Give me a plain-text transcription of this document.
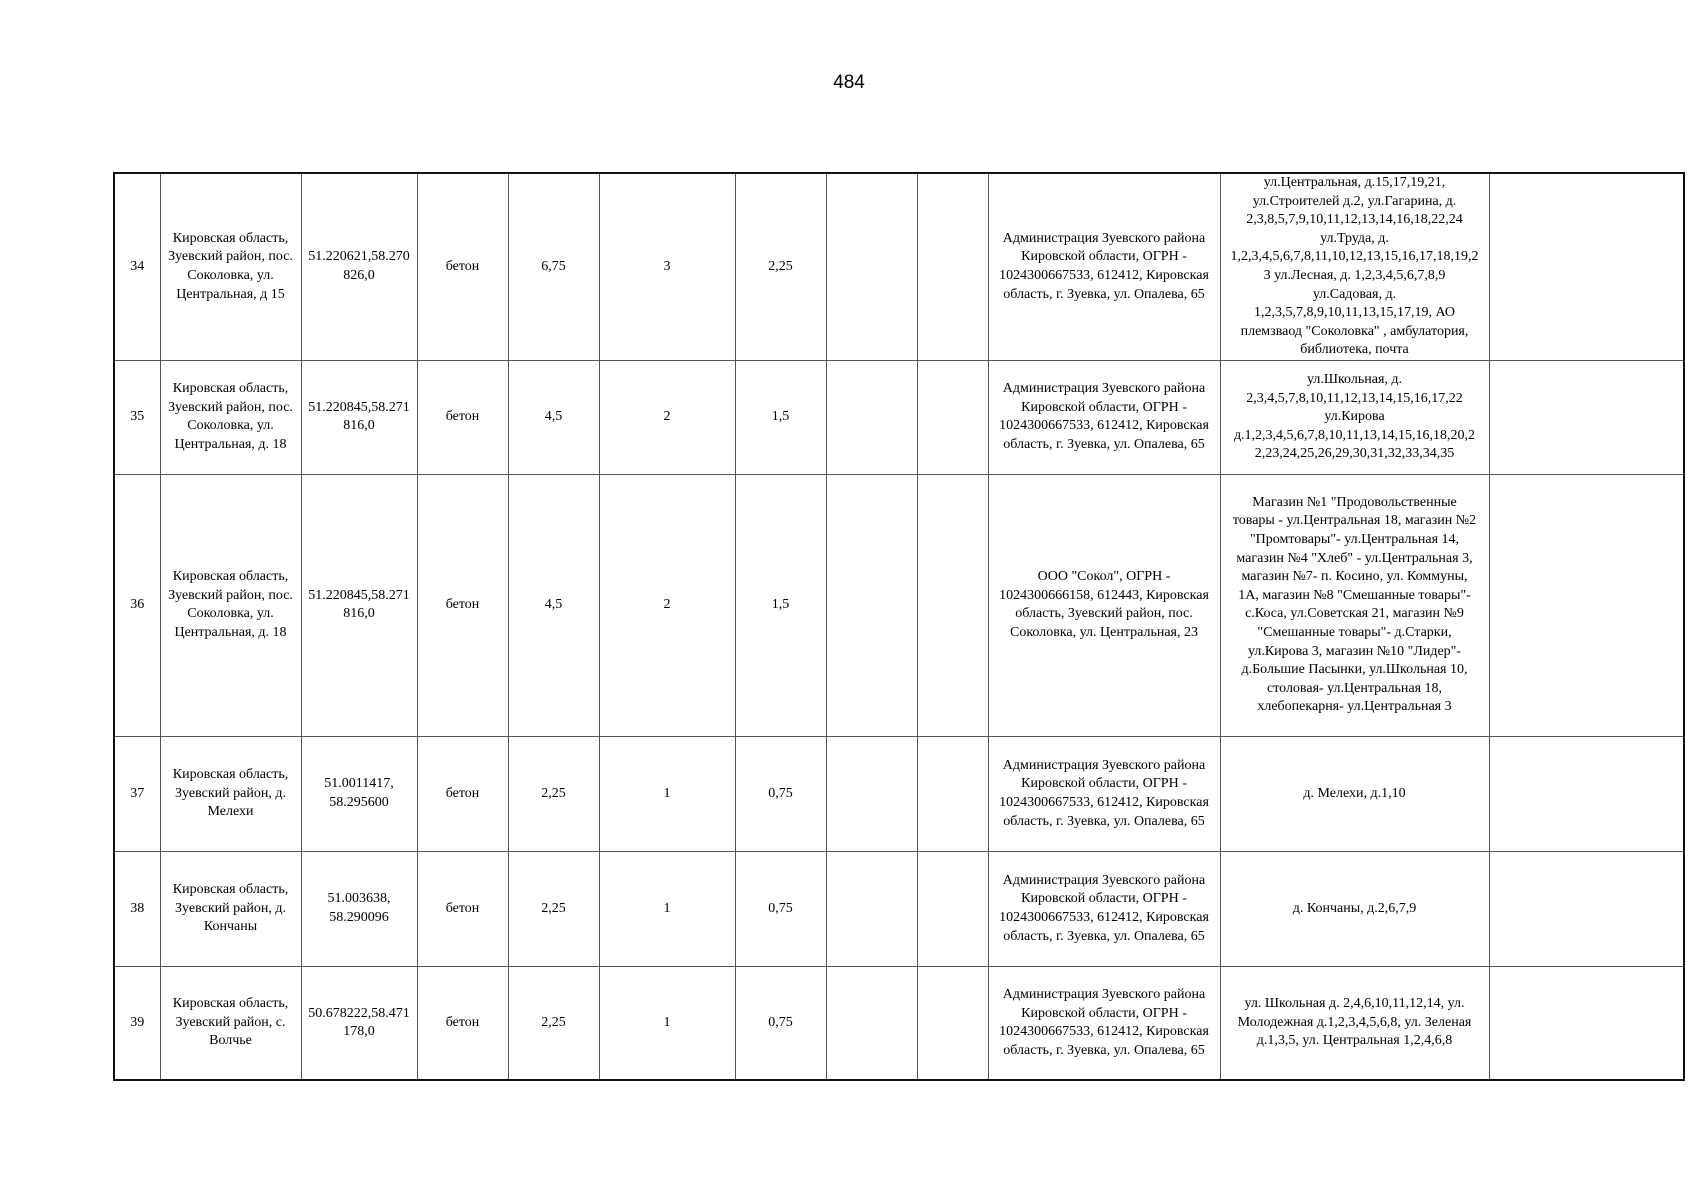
484
34	Кировская область, Зуевский район, пос. Соколовка, ул. Центральная, д 15	51.220621,58.270826,0	бетон	6,75	3	2,25			Администрация Зуевского района Кировской области, ОГРН - 1024300667533, 612412, Кировская область, г. Зуевка, ул. Опалева, 65	ул.Центральная, д.15,17,19,21, ул.Строителей д.2, ул.Гагарина, д. 2,3,8,5,7,9,10,11,12,13,14,16,18,22,24 ул.Труда, д. 1,2,3,4,5,6,7,8,11,10,12,13,15,16,17,18,19,23 ул.Лесная, д. 1,2,3,4,5,6,7,8,9 ул.Садовая, д. 1,2,3,5,7,8,9,10,11,13,15,17,19, АО племзваод "Соколовка" , амбулатория, библиотека, почта	
35	Кировская область, Зуевский район, пос. Соколовка, ул. Центральная, д. 18	51.220845,58.271816,0	бетон	4,5	2	1,5			Администрация Зуевского района Кировской области, ОГРН - 1024300667533, 612412, Кировская область, г. Зуевка, ул. Опалева, 65	ул.Школьная, д. 2,3,4,5,7,8,10,11,12,13,14,15,16,17,22 ул.Кирова д.1,2,3,4,5,6,7,8,10,11,13,14,15,16,18,20,22,23,24,25,26,29,30,31,32,33,34,35	
36	Кировская область, Зуевский район, пос. Соколовка, ул. Центральная, д. 18	51.220845,58.271816,0	бетон	4,5	2	1,5			ООО "Сокол", ОГРН - 1024300666158, 612443, Кировская область, Зуевский район, пос. Соколовка, ул. Центральная, 23	Магазин №1 "Продовольственные товары - ул.Центральная 18, магазин №2 "Промтовары"- ул.Центральная 14, магазин №4 "Хлеб" - ул.Центральная 3, магазин №7- п. Косино, ул. Коммуны, 1А, магазин №8 "Смешанные товары"- с.Коса, ул.Советская 21, магазин №9 "Смешанные товары"- д.Старки, ул.Кирова 3, магазин №10 "Лидер"- д.Большие Пасынки, ул.Школьная 10, столовая- ул.Центральная 18, хлебопекарня- ул.Центральная 3	
37	Кировская область, Зуевский район, д. Мелехи	51.0011417, 58.295600	бетон	2,25	1	0,75			Администрация Зуевского района Кировской области, ОГРН - 1024300667533, 612412, Кировская область, г. Зуевка, ул. Опалева, 65	д. Мелехи, д.1,10	
38	Кировская область, Зуевский район, д. Кончаны	51.003638, 58.290096	бетон	2,25	1	0,75			Администрация Зуевского района Кировской области, ОГРН - 1024300667533, 612412, Кировская область, г. Зуевка, ул. Опалева, 65	д. Кончаны, д.2,6,7,9	
39	Кировская область, Зуевский район, с. Волчье	50.678222,58.471178,0	бетон	2,25	1	0,75			Администрация Зуевского района Кировской области, ОГРН - 1024300667533, 612412, Кировская область, г. Зуевка, ул. Опалева, 65	ул. Школьная д. 2,4,6,10,11,12,14, ул. Молодежная д.1,2,3,4,5,6,8, ул. Зеленая д.1,3,5, ул. Центральная 1,2,4,6,8	
